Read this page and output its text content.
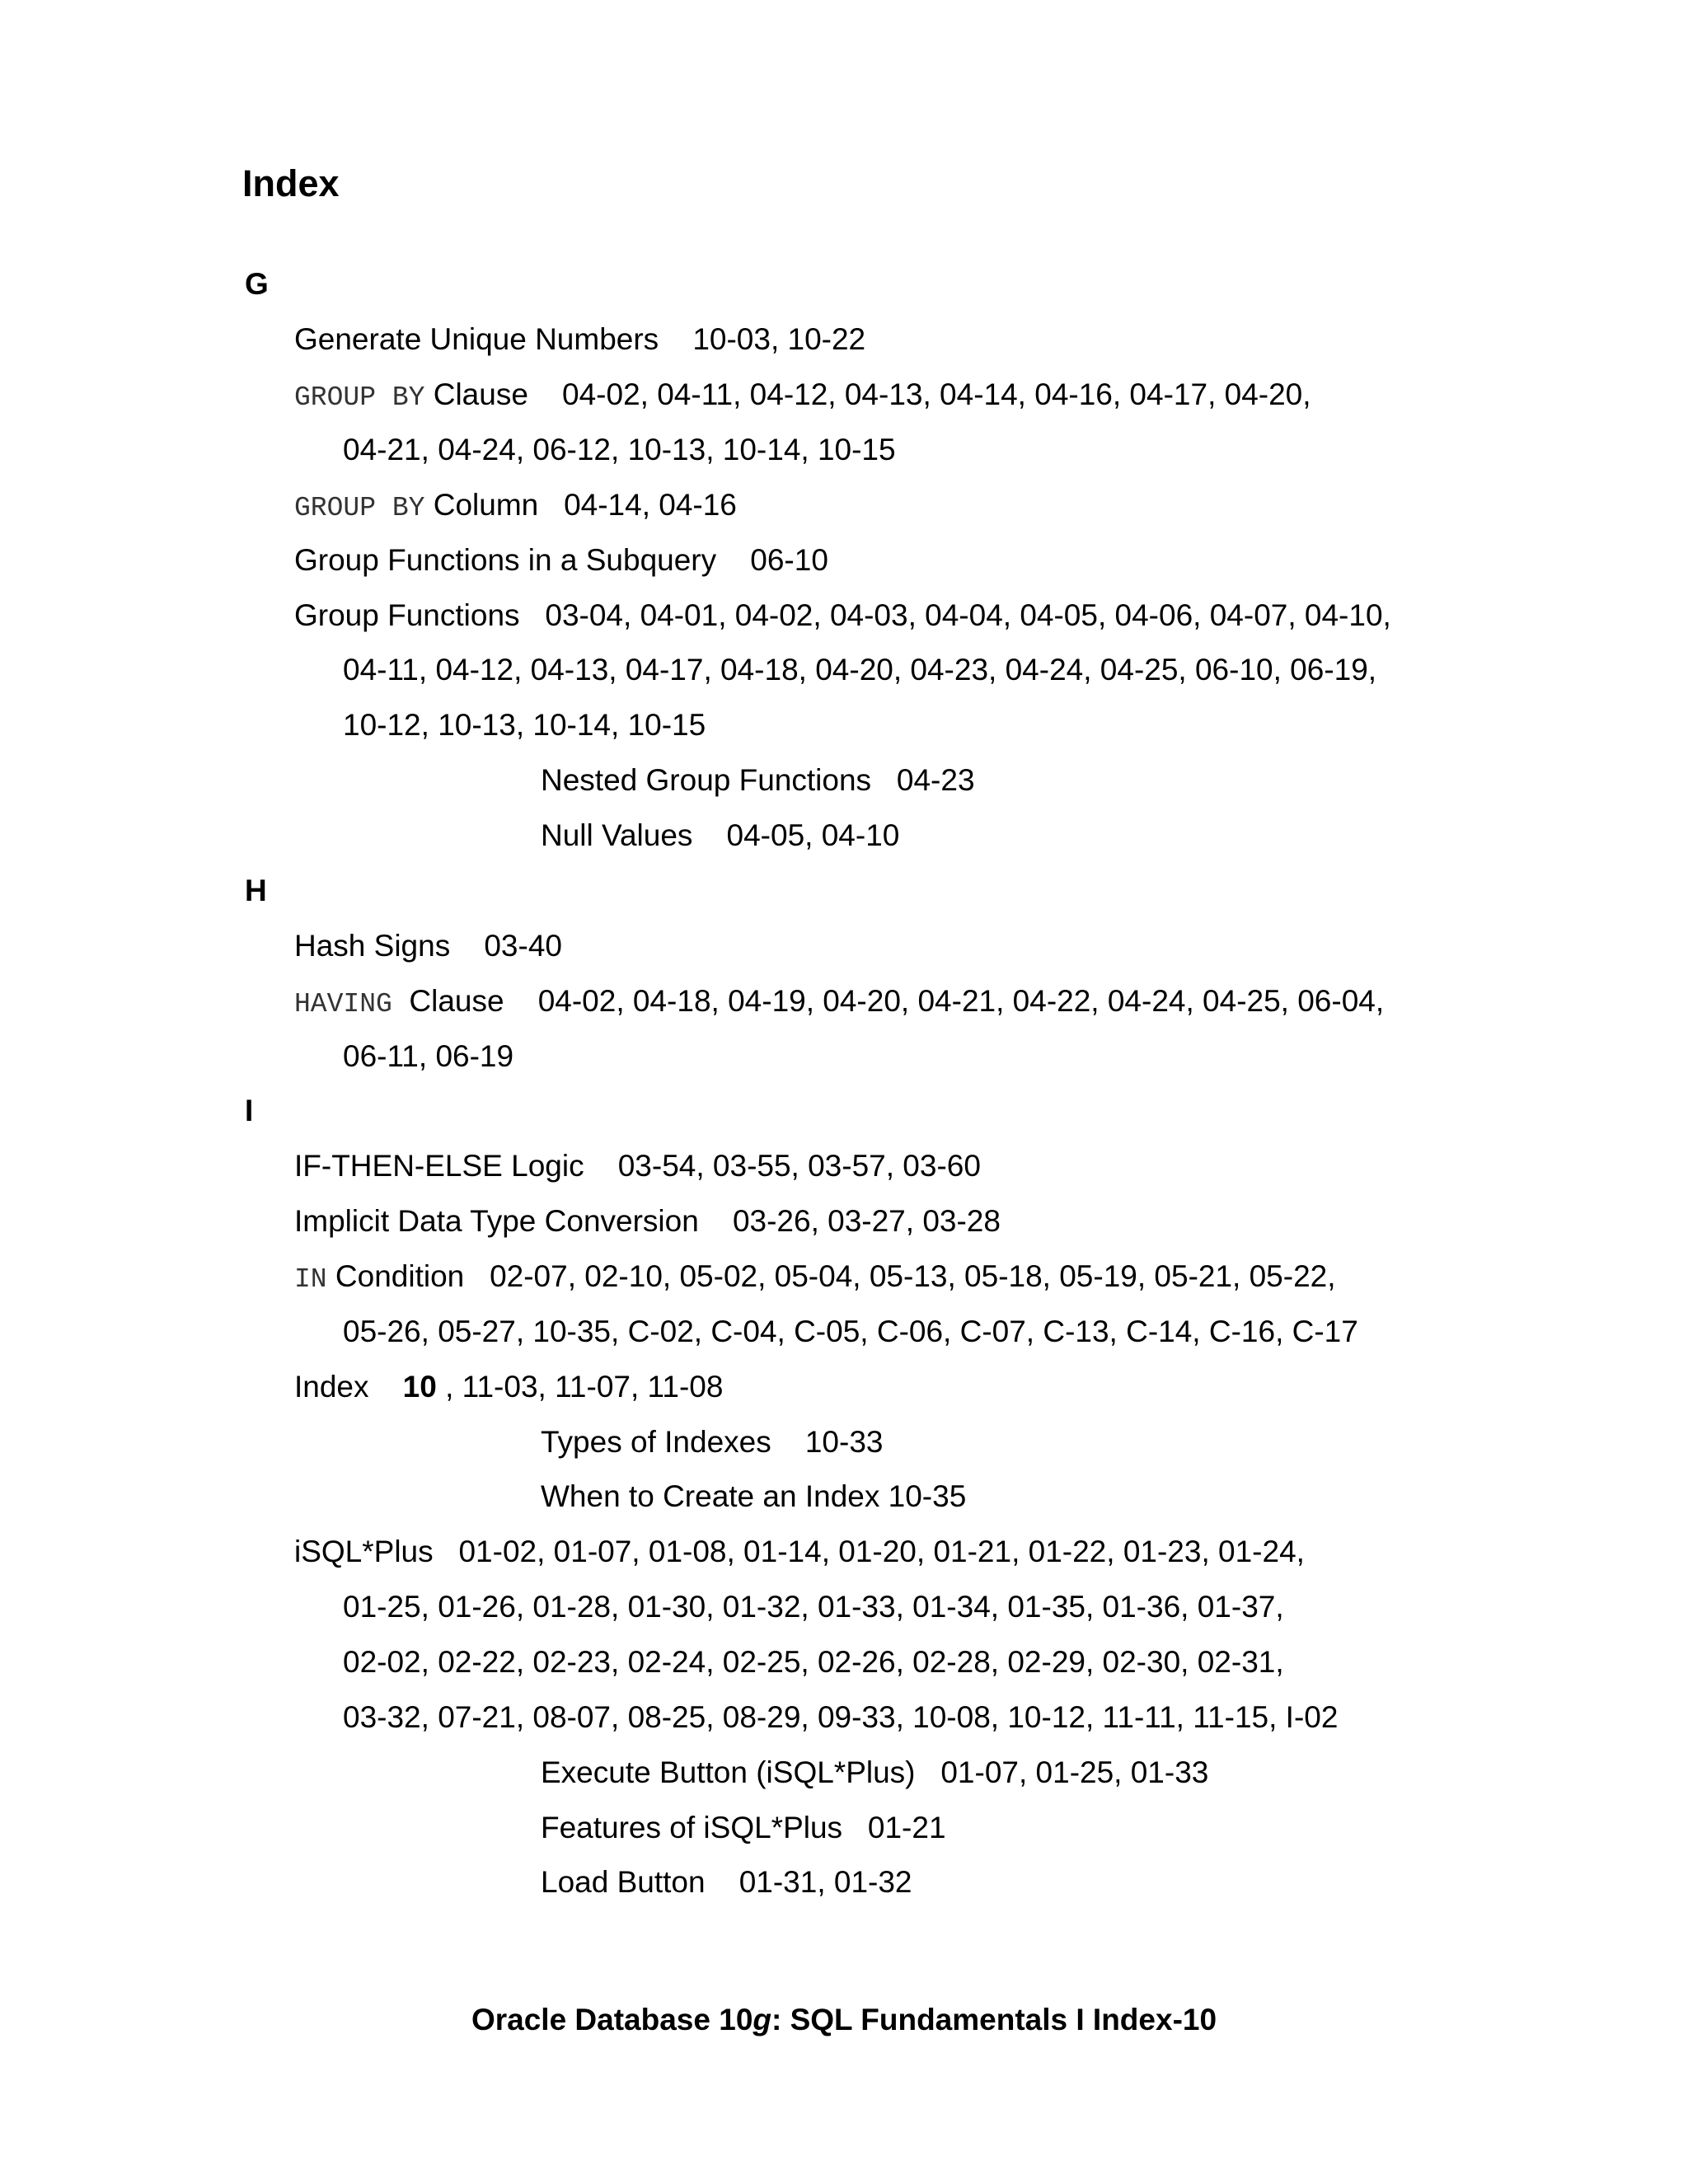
Index
G
Generate Unique Numbers 10-03, 10-22
GROUP BY Clause 04-02, 04-11, 04-12, 04-13, 04-14, 04-16, 04-17, 04-20,
04-21, 04-24, 06-12, 10-13, 10-14, 10-15
GROUP BY Column 04-14, 04-16
Group Functions in a Subquery 06-10
Group Functions 03-04, 04-01, 04-02, 04-03, 04-04, 04-05, 04-06, 04-07, 04-10,
04-11, 04-12, 04-13, 04-17, 04-18, 04-20, 04-23, 04-24, 04-25, 06-10, 06-19,
10-12, 10-13, 10-14, 10-15
Nested Group Functions 04-23
Null Values 04-05, 04-10
H
Hash Signs 03-40
HAVING Clause 04-02, 04-18, 04-19, 04-20, 04-21, 04-22, 04-24, 04-25, 06-04,
06-11, 06-19
I
IF-THEN-ELSE Logic 03-54, 03-55, 03-57, 03-60
Implicit Data Type Conversion 03-26, 03-27, 03-28
IN Condition 02-07, 02-10, 05-02, 05-04, 05-13, 05-18, 05-19, 05-21, 05-22,
05-26, 05-27, 10-35, C-02, C-04, C-05, C-06, C-07, C-13, C-14, C-16, C-17
Index 10 , 11-03, 11-07, 11-08
Types of Indexes 10-33
When to Create an Index 10-35
iSQL*Plus 01-02, 01-07, 01-08, 01-14, 01-20, 01-21, 01-22, 01-23, 01-24,
01-25, 01-26, 01-28, 01-30, 01-32, 01-33, 01-34, 01-35, 01-36, 01-37,
02-02, 02-22, 02-23, 02-24, 02-25, 02-26, 02-28, 02-29, 02-30, 02-31,
03-32, 07-21, 08-07, 08-25, 08-29, 09-33, 10-08, 10-12, 11-11, 11-15, I-02
Execute Button (iSQL*Plus) 01-07, 01-25, 01-33
Features of iSQL*Plus 01-21
Load Button 01-31, 01-32
Oracle Database 10g: SQL Fundamentals I Index-10
